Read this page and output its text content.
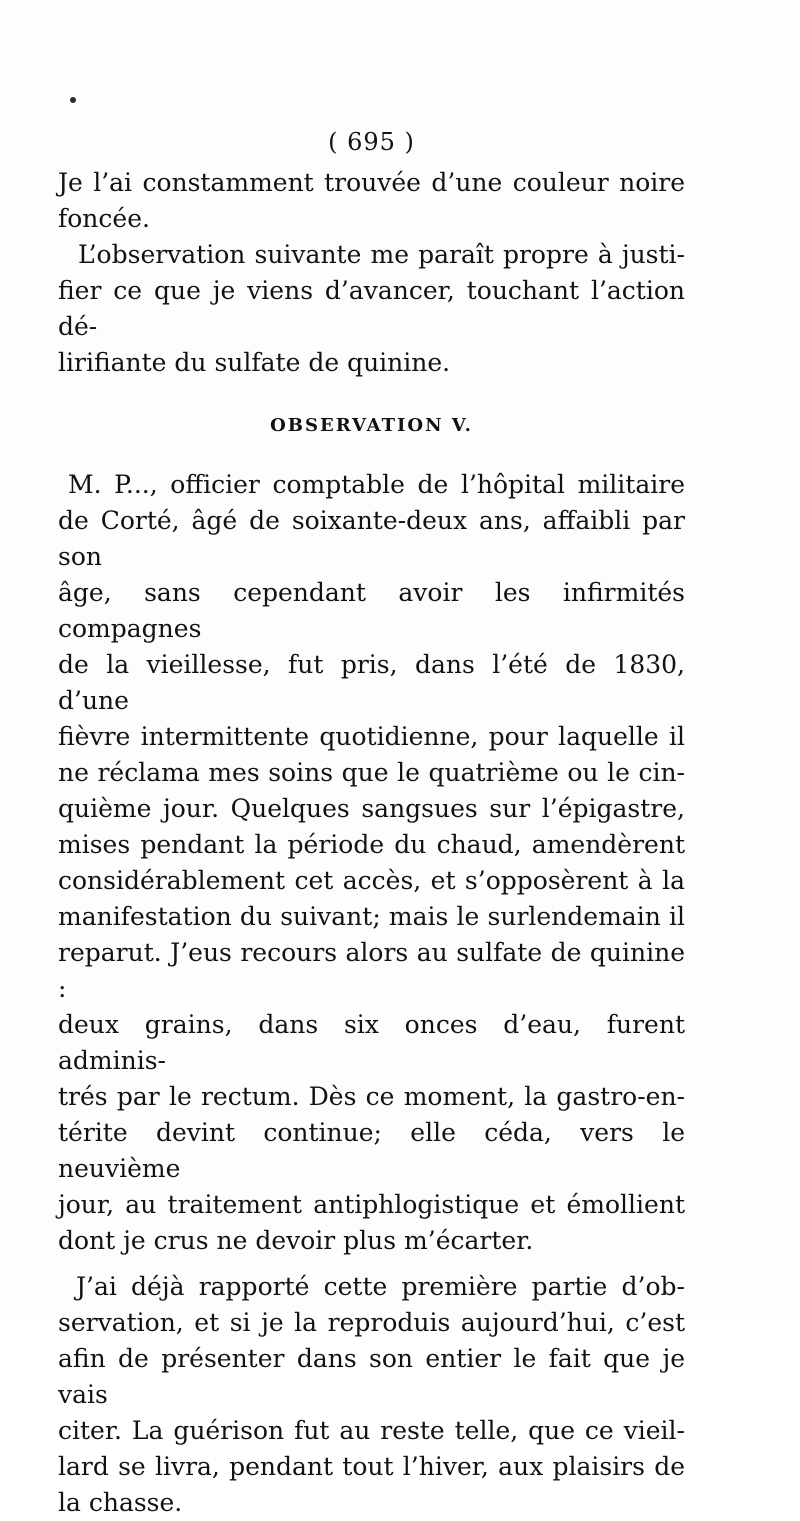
( 695 )
Je l’ai constamment trouvée d’une couleur noire
foncée.
L’observation suivante me paraît propre à justi-
fier ce que je viens d’avancer, touchant l’action dé-
lirifiante du sulfate de quinine.
OBSERVATION V.
M. P..., officier comptable de l’hôpital militaire
de Corté, âgé de soixante-deux ans, affaibli par son
âge, sans cependant avoir les infirmités compagnes
de la vieillesse, fut pris, dans l’été de 1830, d’une
fièvre intermittente quotidienne, pour laquelle il
ne réclama mes soins que le quatrième ou le cin-
quième jour. Quelques sangsues sur l’épigastre,
mises pendant la période du chaud, amendèrent
considérablement cet accès, et s’opposèrent à la
manifestation du suivant; mais le surlendemain il
reparut. J’eus recours alors au sulfate de quinine :
deux grains, dans six onces d’eau, furent adminis-
trés par le rectum. Dès ce moment, la gastro-en-
térite devint continue; elle céda, vers le neuvième
jour, au traitement antiphlogistique et émollient
dont je crus ne devoir plus m’écarter.
J’ai déjà rapporté cette première partie d’ob-
servation, et si je la reproduis aujourd’hui, c’est
afin de présenter dans son entier le fait que je vais
citer. La guérison fut au reste telle, que ce vieil-
lard se livra, pendant tout l’hiver, aux plaisirs de
la chasse.
